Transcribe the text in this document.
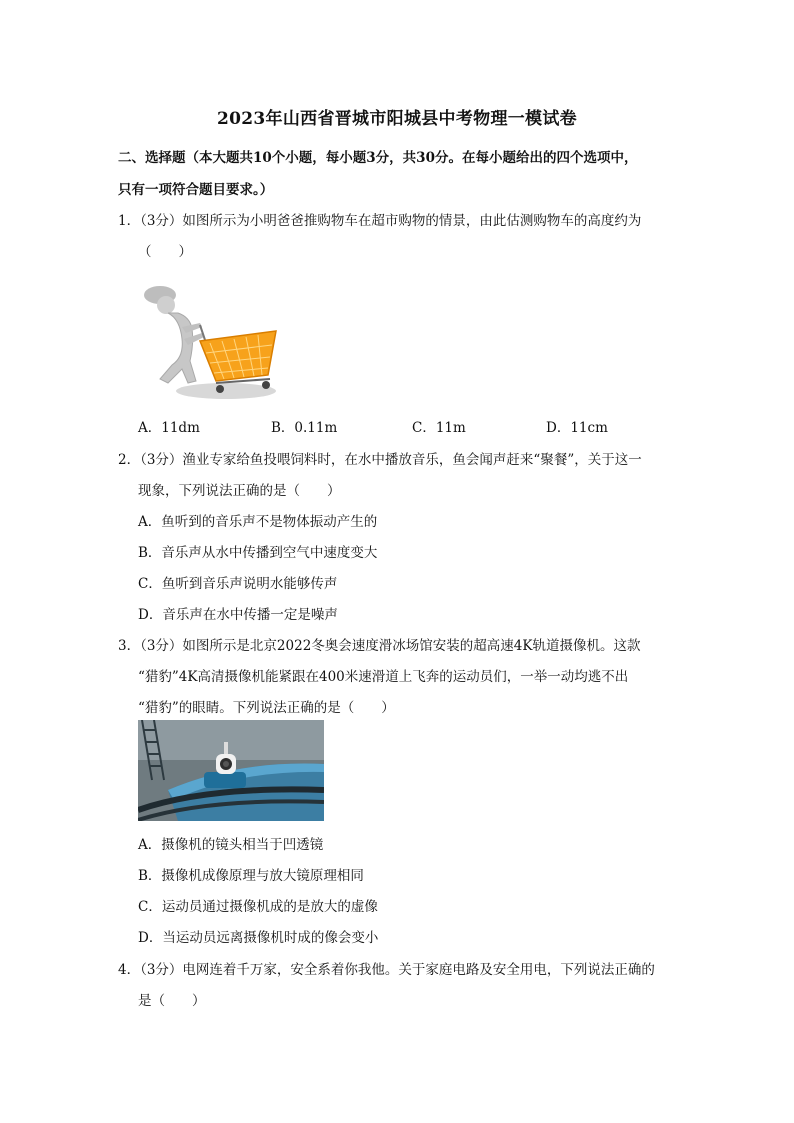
2023年山西省晋城市阳城县中考物理一模试卷
二、选择题（本大题共10个小题，每小题3分，共30分。在每小题给出的四个选项中，
只有一项符合题目要求。）
1．（3分）如图所示为小明爸爸推购物车在超市购物的情景，由此估测购物车的高度约为
（　　）
A．11dm	B．0.11m	C．11m	D．11cm
2．（3分）渔业专家给鱼投喂饲料时，在水中播放音乐，鱼会闻声赶来“聚餐”，关于这一
现象，下列说法正确的是（　　）
A．鱼听到的音乐声不是物体振动产生的
B．音乐声从水中传播到空气中速度变大
C．鱼听到音乐声说明水能够传声
D．音乐声在水中传播一定是噪声
3．（3分）如图所示是北京2022冬奥会速度滑冰场馆安装的超高速4K轨道摄像机。这款
“猎豹”4K高清摄像机能紧跟在400米速滑道上飞奔的运动员们，一举一动均逃不出
“猎豹”的眼睛。下列说法正确的是（　　）
A．摄像机的镜头相当于凹透镜
B．摄像机成像原理与放大镜原理相同
C．运动员通过摄像机成的是放大的虚像
D．当运动员远离摄像机时成的像会变小
4．（3分）电网连着千万家，安全系着你我他。关于家庭电路及安全用电，下列说法正确的
是（　　）
